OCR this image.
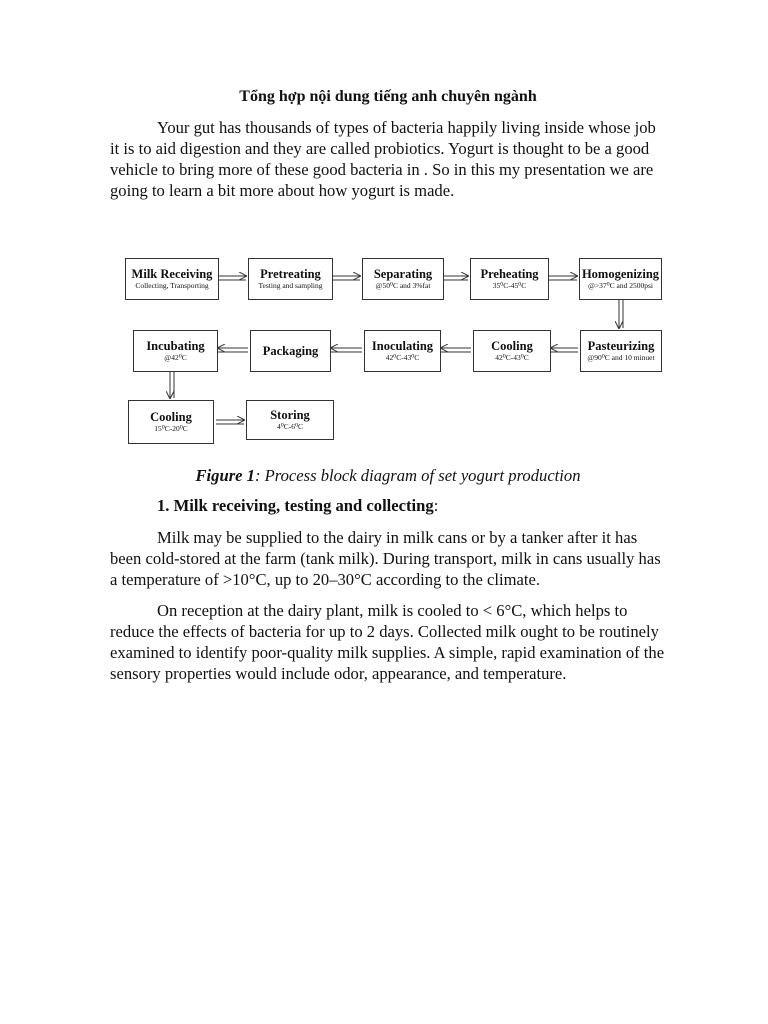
Tổng hợp nội dung tiếng anh chuyên ngành

Your gut has thousands of types of bacteria happily living inside whose job it is to aid digestion and they are called probiotics. Yogurt is thought to be a good vehicle to bring more of these good bacteria in . So in this my presentation we are going to learn a bit more about how yogurt is made.

Milk Receiving
Collecting, Transporting
Pretreating
Testing and sampling
Separating
@50⁰C and 3%fat
Preheating
35⁰C-45⁰C
Homogenizing
@>37⁰C and 2500psi
Pasteurizing
@90⁰C and 10 minuet
Cooling
42⁰C-43⁰C
Inoculating
42⁰C-43⁰C
Packaging
Incubating
@42⁰C
Cooling
15⁰C-20⁰C
Storing
4⁰C-6⁰C
Figure 1: Process block diagram of set yogurt production
1. Milk receiving, testing and collecting:

Milk may be supplied to the dairy in milk cans or by a tanker after it has been cold-stored at the farm (tank milk). During transport, milk in cans usually has a temperature of >10°C, up to 20–30°C according to the climate.

On reception at the dairy plant, milk is cooled to < 6°C, which helps to reduce the effects of bacteria for up to 2 days. Collected milk ought to be routinely examined to identify poor-quality milk supplies. A simple, rapid examination of the sensory properties would include odor, appearance, and temperature.
